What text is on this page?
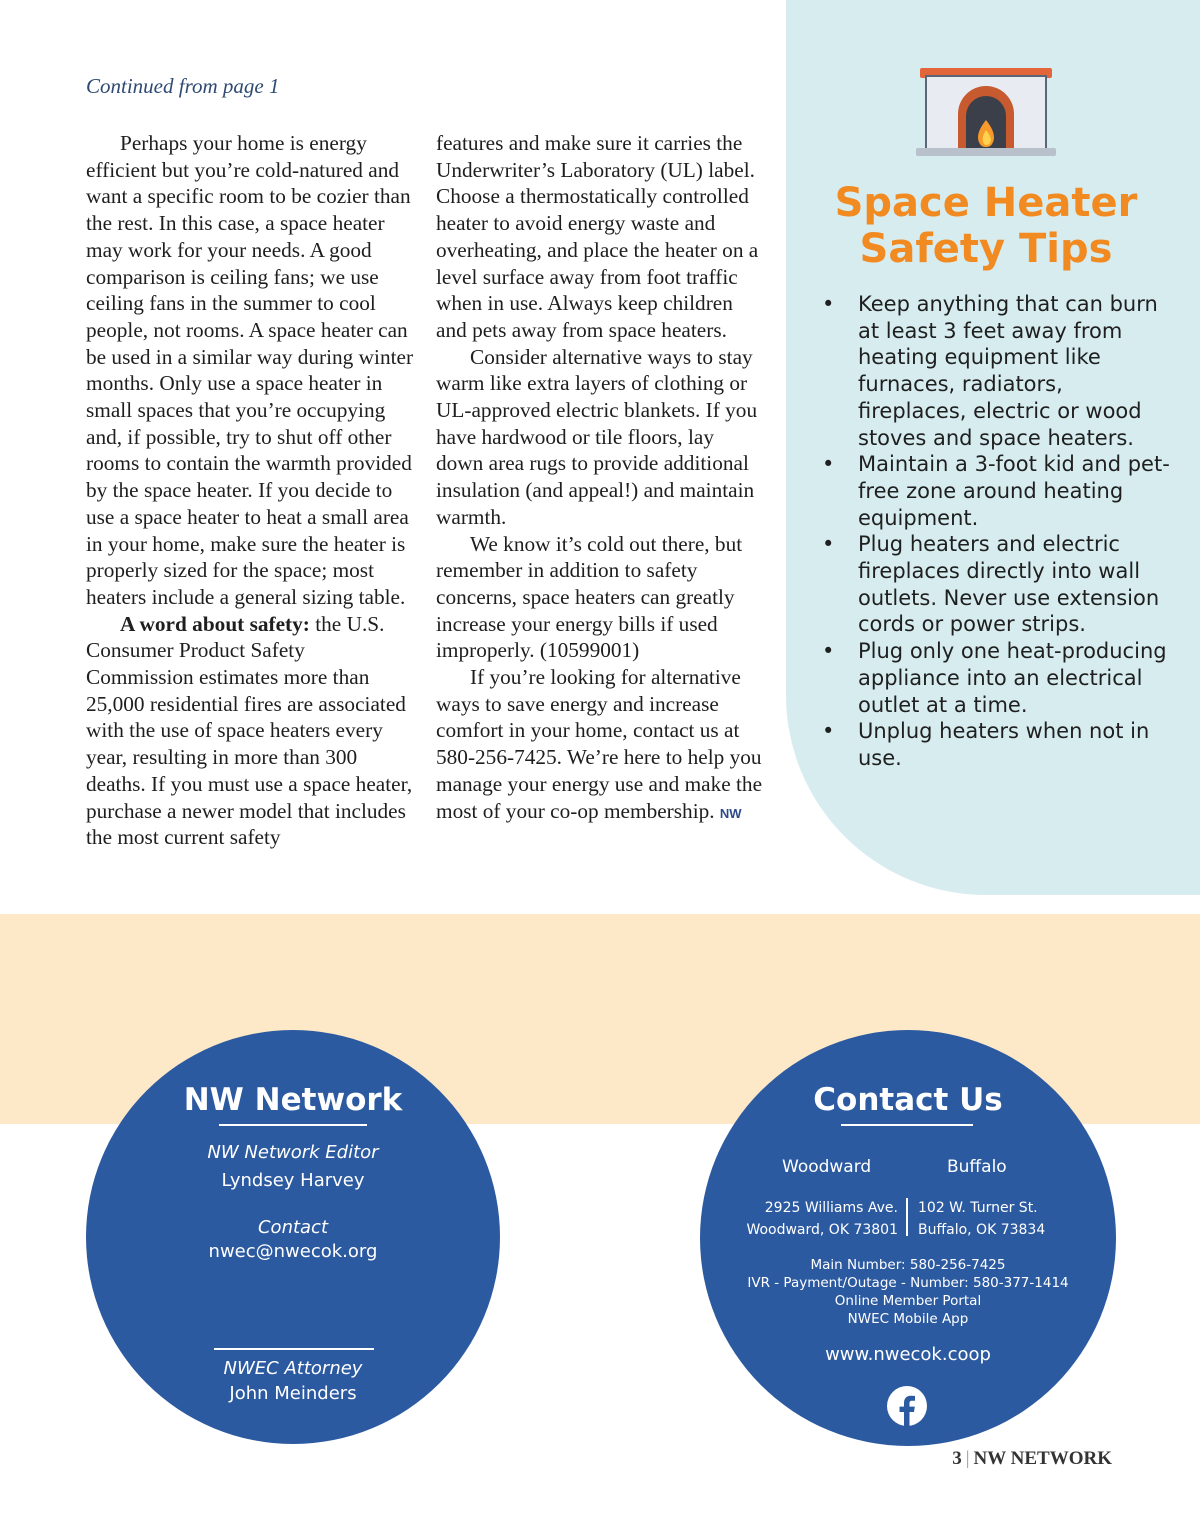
Continued from page 1

Perhaps your home is energy efficient but you’re cold-natured and want a specific room to be cozier than the rest. In this case, a space heater may work for your needs. A good comparison is ceiling fans; we use ceiling fans in the summer to cool people, not rooms. A space heater can be used in a similar way during winter months. Only use a space heater in small spaces that you’re occupying and, if possible, try to shut off other rooms to contain the warmth provided by the space heater. If you decide to use a space heater to heat a small area in your home, make sure the heater is properly sized for the space; most heaters include a general sizing table.

A word about safety: the U.S. Consumer Product Safety Commission estimates more than 25,000 residential fires are associated with the use of space heaters every year, resulting in more than 300 deaths. If you must use a space heater, purchase a newer model that includes the most current safety

features and make sure it carries the Underwriter’s Laboratory (UL) label. Choose a thermostatically controlled heater to avoid energy waste and overheating, and place the heater on a level surface away from foot traffic when in use. Always keep children and pets away from space heaters.

Consider alternative ways to stay warm like extra layers of clothing or UL-approved electric blankets. If you have hardwood or tile floors, lay down area rugs to provide additional insulation (and appeal!) and maintain warmth.

We know it’s cold out there, but remember in addition to safety concerns, space heaters can greatly increase your energy bills if used improperly. (10599001)

If you’re looking for alternative ways to save energy and increase comfort in your home, contact us at 580-256-7425. We’re here to help you manage your energy use and make the most of your co-op membership. NW

Space Heater Safety Tips
• Keep anything that can burn at least 3 feet away from heating equipment like furnaces, radiators, fireplaces, electric or wood stoves and space heaters.
• Maintain a 3-foot kid and pet-free zone around heating equipment.
• Plug heaters and electric fireplaces directly into wall outlets. Never use extension cords or power strips.
• Plug only one heat-producing appliance into an electrical outlet at a time.
• Unplug heaters when not in use.
NW Network
NW Network Editor
Lyndsey Harvey
Contact
nwec@nwecok.org
NWEC Attorney
John Meinders
Contact Us
Woodward	Buffalo
2925 Williams Ave.
Woodward, OK 73801
102 W. Turner St.
Buffalo, OK 73834
Main Number: 580-256-7425
IVR - Payment/Outage - Number: 580-377-1414
Online Member Portal
NWEC Mobile App
www.nwecok.coop
3 | NW NETWORK
